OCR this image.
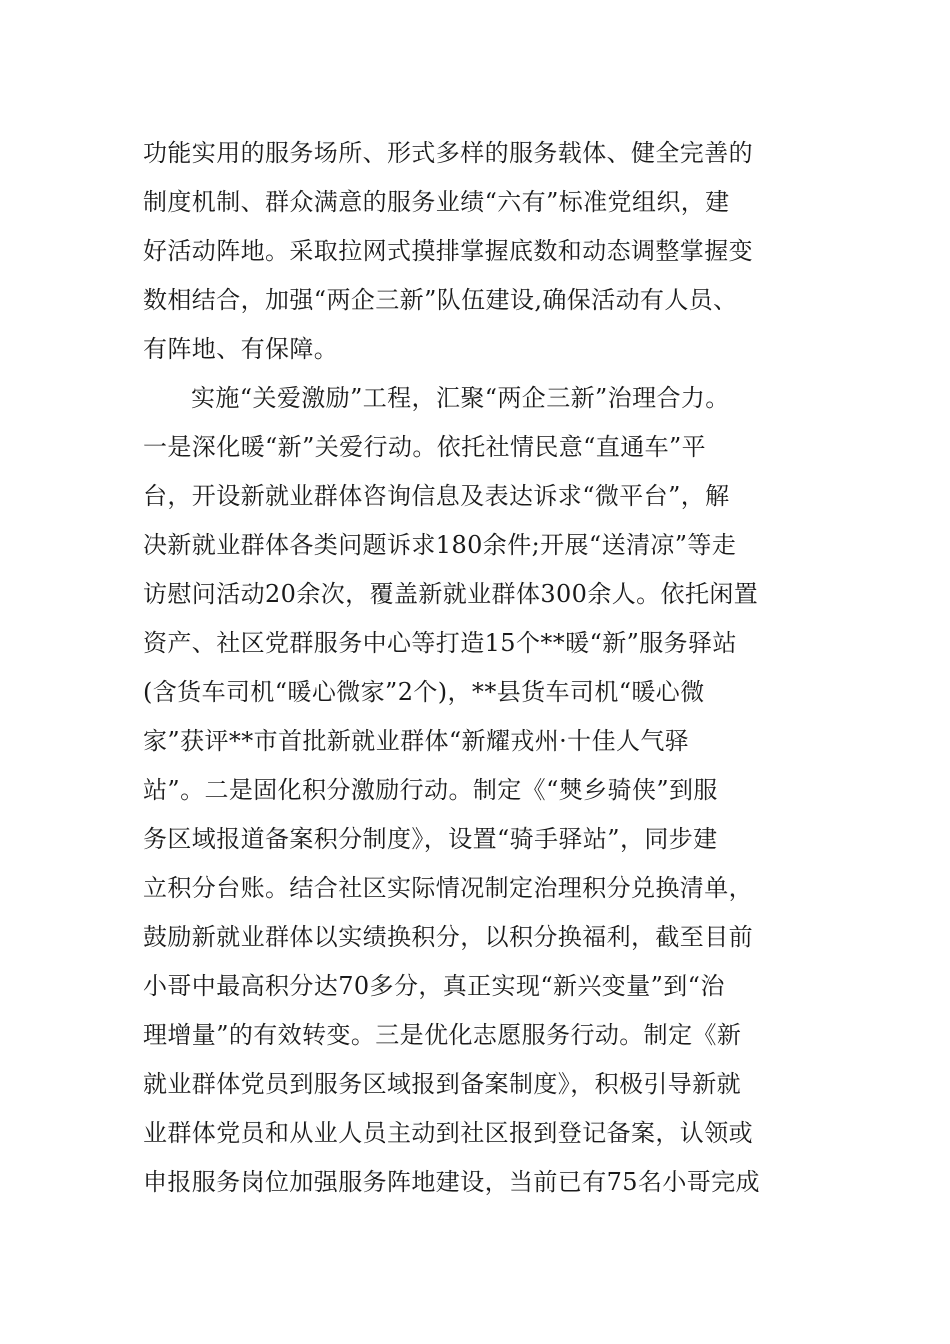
功能实用的服务场所、形式多样的服务载体、健全完善的
制度机制、群众满意的服务业绩“六有”标准党组织，建
好活动阵地。采取拉网式摸排掌握底数和动态调整掌握变
数相结合，加强“两企三新”队伍建设,确保活动有人员、
有阵地、有保障。
实施“关爱激励”工程，汇聚“两企三新”治理合力。
一是深化暖“新”关爱行动。依托社情民意“直通车”平
台，开设新就业群体咨询信息及表达诉求“微平台”，解
决新就业群体各类问题诉求180余件;开展“送清凉”等走
访慰问活动20余次，覆盖新就业群体300余人。依托闲置
资产、社区党群服务中心等打造15个**暖“新”服务驿站
(含货车司机“暖心微家”2个)，**县货车司机“暖心微
家”获评**市首批新就业群体“新耀戎州·十佳人气驿
站”。二是固化积分激励行动。制定《“僰乡骑侠”到服
务区域报道备案积分制度》，设置“骑手驿站”，同步建
立积分台账。结合社区实际情况制定治理积分兑换清单，
鼓励新就业群体以实绩换积分，以积分换福利，截至目前
小哥中最高积分达70多分，真正实现“新兴变量”到“治
理增量”的有效转变。三是优化志愿服务行动。制定《新
就业群体党员到服务区域报到备案制度》，积极引导新就
业群体党员和从业人员主动到社区报到登记备案，认领或
申报服务岗位加强服务阵地建设，当前已有75名小哥完成
